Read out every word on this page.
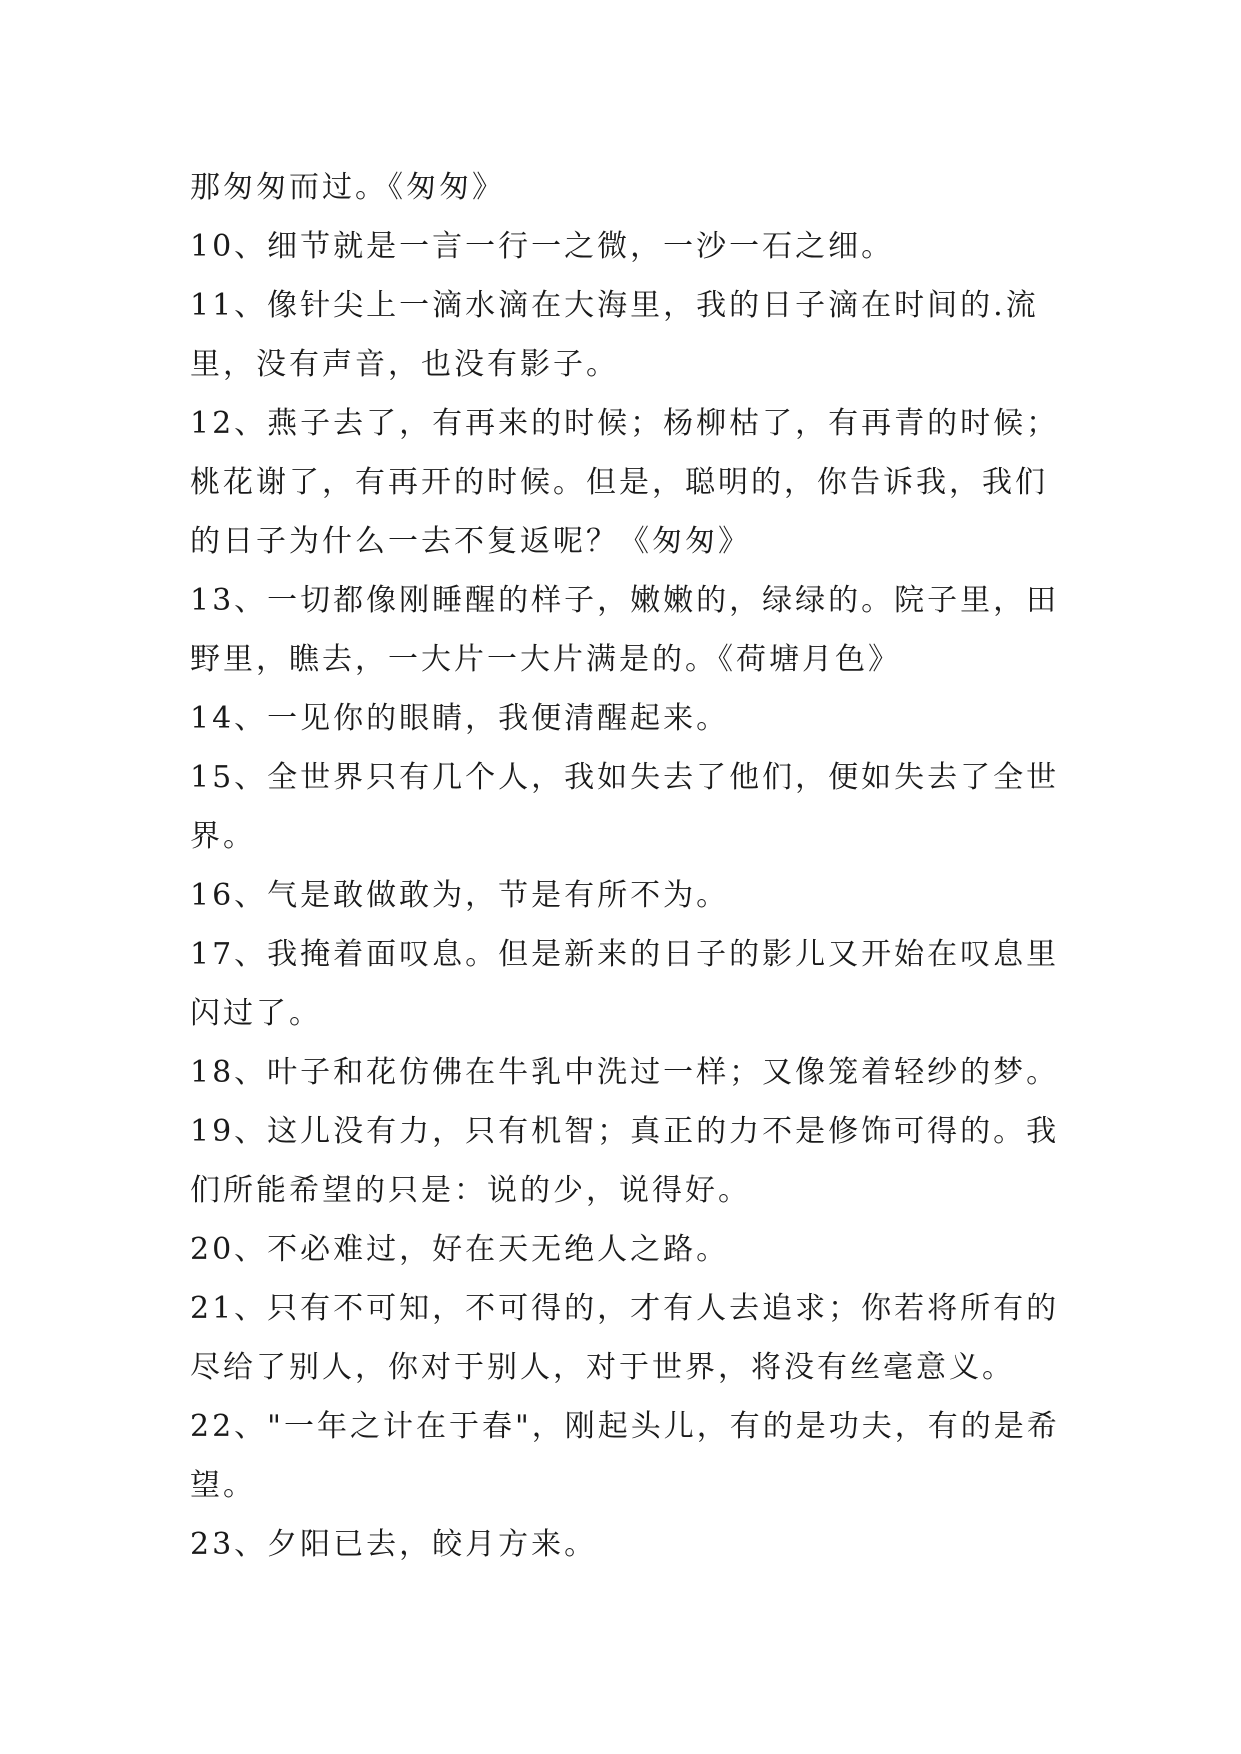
那匆匆而过。《匆匆》
10、细节就是一言一行一之微，一沙一石之细。
11、像针尖上一滴水滴在大海里，我的日子滴在时间的.流
里，没有声音，也没有影子。
12、燕子去了，有再来的时候；杨柳枯了，有再青的时候；
桃花谢了，有再开的时候。但是，聪明的，你告诉我，我们
的日子为什么一去不复返呢？《匆匆》
13、一切都像刚睡醒的样子，嫩嫩的，绿绿的。院子里，田
野里，瞧去，一大片一大片满是的。《荷塘月色》
14、一见你的眼睛，我便清醒起来。
15、全世界只有几个人，我如失去了他们，便如失去了全世
界。
16、气是敢做敢为，节是有所不为。
17、我掩着面叹息。但是新来的日子的影儿又开始在叹息里
闪过了。
18、叶子和花仿佛在牛乳中洗过一样；又像笼着轻纱的梦。
19、这儿没有力，只有机智；真正的力不是修饰可得的。我
们所能希望的只是：说的少，说得好。
20、不必难过，好在天无绝人之路。
21、只有不可知，不可得的，才有人去追求；你若将所有的
尽给了别人，你对于别人，对于世界，将没有丝毫意义。
22、"一年之计在于春"，刚起头儿，有的是功夫，有的是希
望。
23、夕阳已去，皎月方来。
